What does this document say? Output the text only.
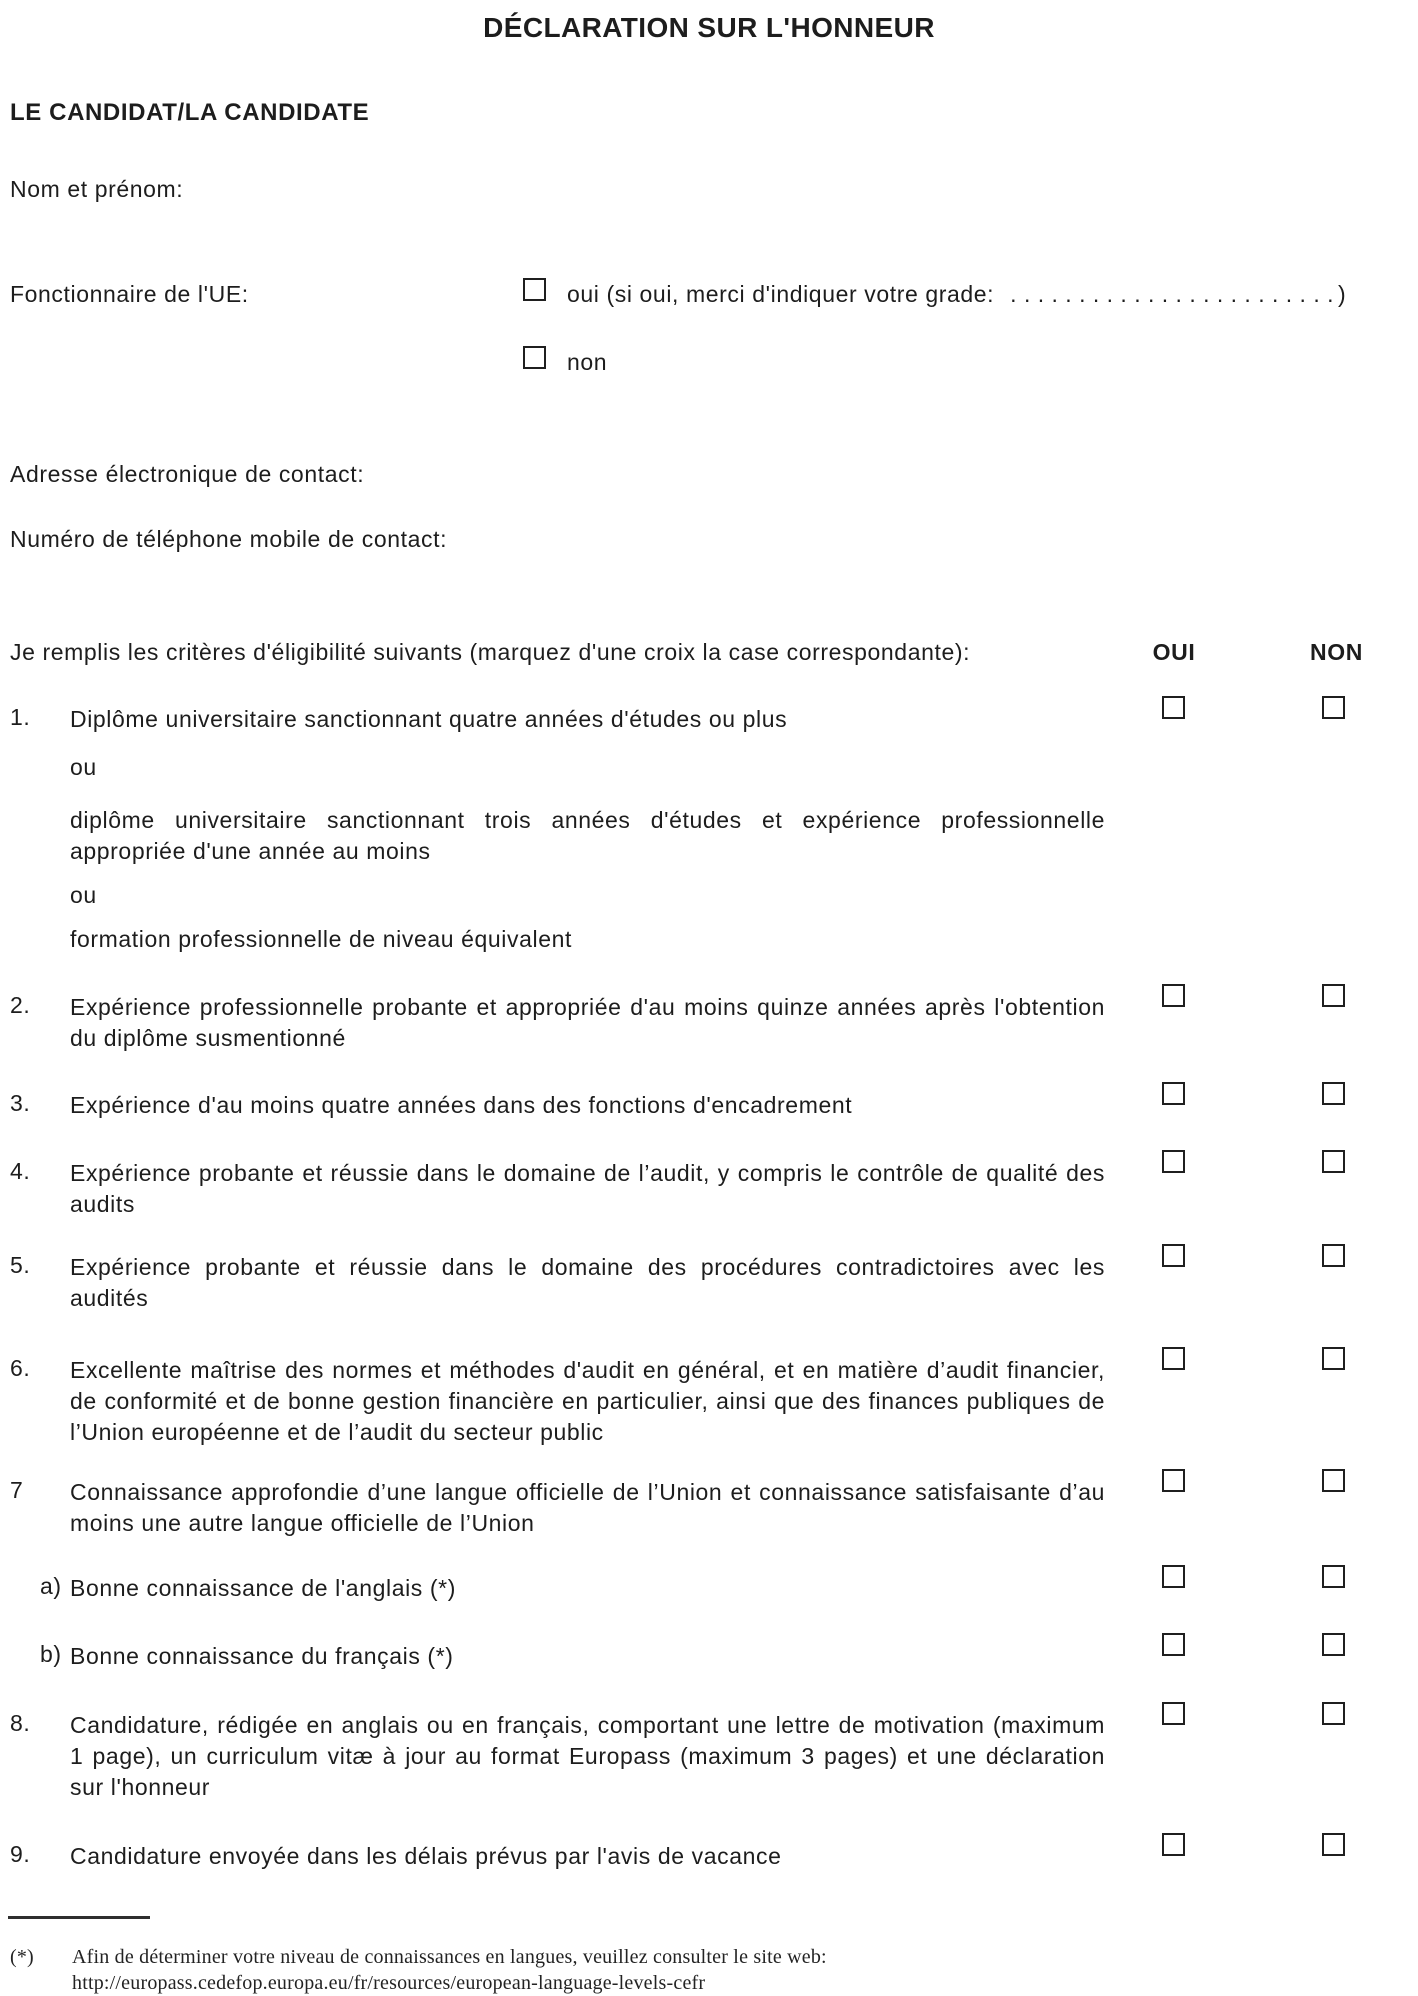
DÉCLARATION SUR L'HONNEUR
LE CANDIDAT/LA CANDIDATE
Nom et prénom:
Fonctionnaire de l'UE:	oui (si oui, merci d'indiquer votre grade: . . . . . . . . . . . . . . . . . . . . . . . . )
non
Adresse électronique de contact:
Numéro de téléphone mobile de contact:
Je remplis les critères d'éligibilité suivants (marquez d'une croix la case correspondante):	OUI	NON
1. Diplôme universitaire sanctionnant quatre années d'études ou plus
ou
diplôme universitaire sanctionnant trois années d'études et expérience professionnelle appropriée d'une année au moins
ou
formation professionnelle de niveau équivalent
2. Expérience professionnelle probante et appropriée d'au moins quinze années après l'obtention du diplôme susmentionné
3. Expérience d'au moins quatre années dans des fonctions d'encadrement
4. Expérience probante et réussie dans le domaine de l’audit, y compris le contrôle de qualité des audits
5. Expérience probante et réussie dans le domaine des procédures contradictoires avec les audités
6. Excellente maîtrise des normes et méthodes d'audit en général, et en matière d’audit financier, de conformité et de bonne gestion financière en particulier, ainsi que des finances publiques de l’Union européenne et de l’audit du secteur public
7 Connaissance approfondie d’une langue officielle de l’Union et connaissance satisfaisante d’au moins une autre langue officielle de l’Union
a) Bonne connaissance de l'anglais (*)
b) Bonne connaissance du français (*)
8. Candidature, rédigée en anglais ou en français, comportant une lettre de motivation (maximum 1 page), un curriculum vitæ à jour au format Europass (maximum 3 pages) et une déclaration sur l'honneur
9. Candidature envoyée dans les délais prévus par l'avis de vacance
(*) Afin de déterminer votre niveau de connaissances en langues, veuillez consulter le site web:
http://europass.cedefop.europa.eu/fr/resources/european-language-levels-cefr
